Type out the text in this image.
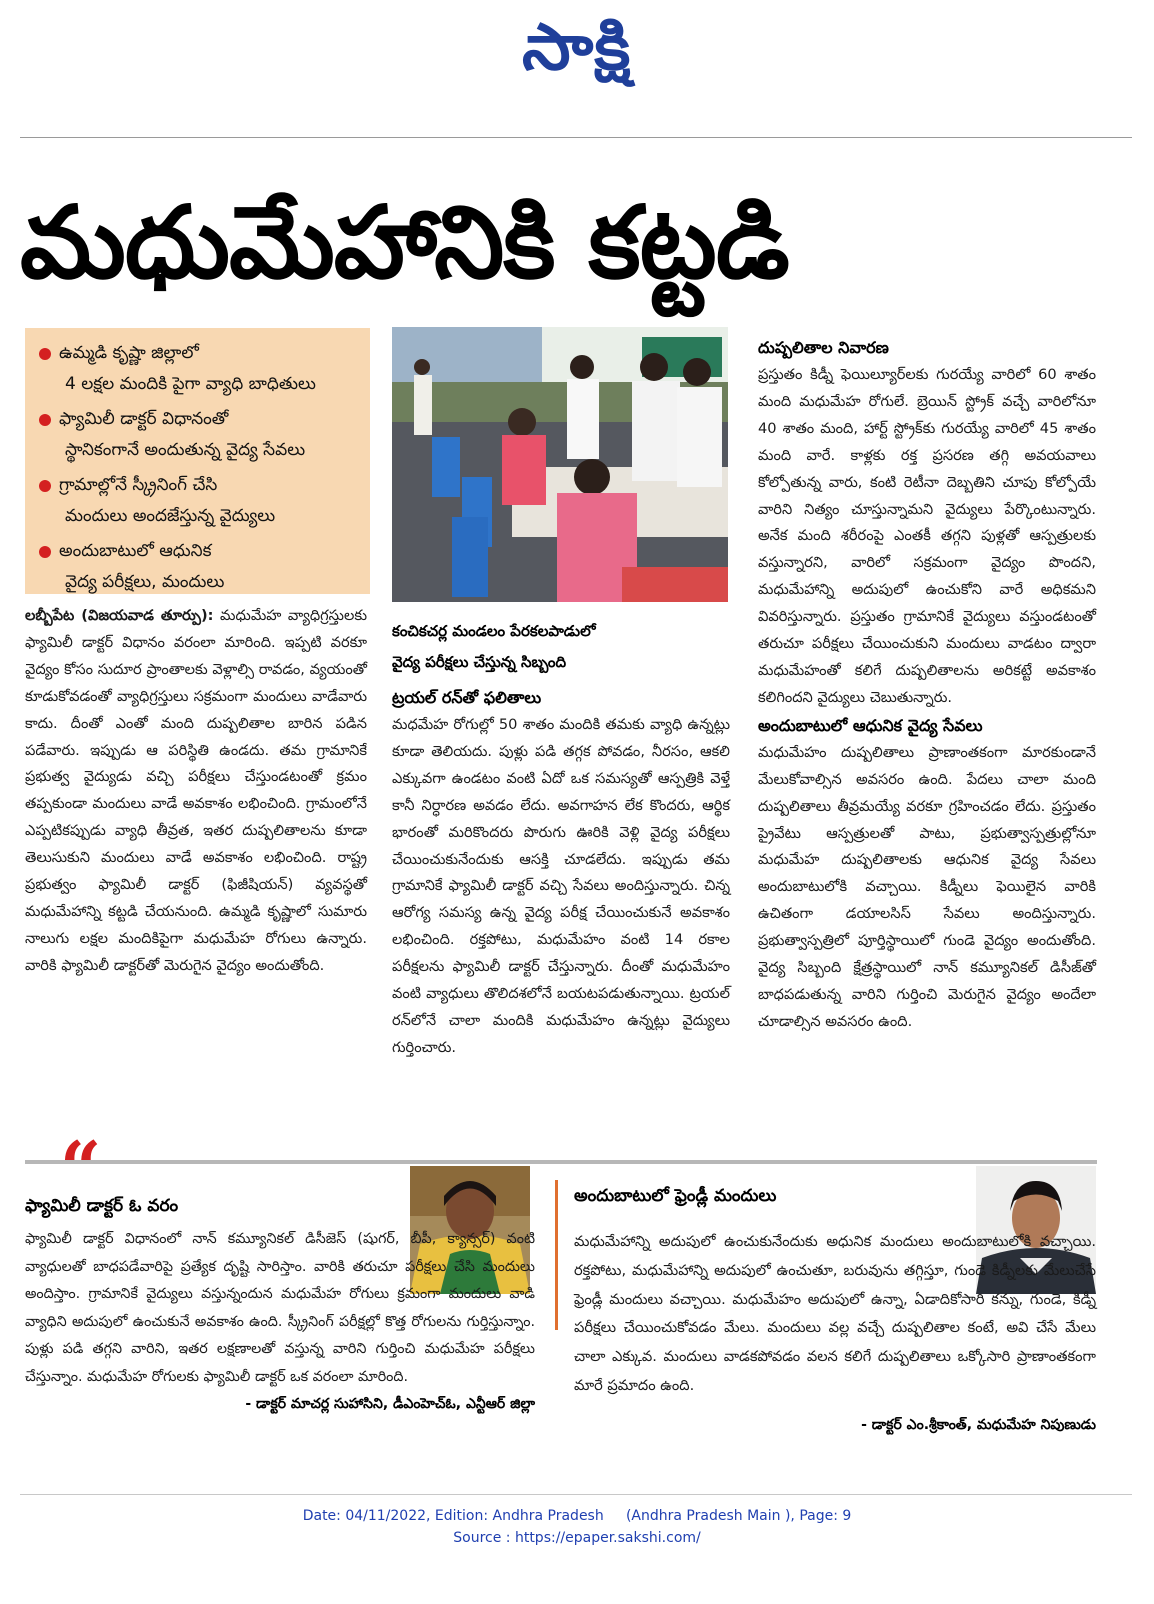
సాక్షి
మధుమేహానికి కట్టడి
ఉమ్మడి కృష్ణా జిల్లాలో
4 లక్షల మందికి పైగా వ్యాధి బాధితులు
ఫ్యామిలీ డాక్టర్ విధానంతో
స్థానికంగానే అందుతున్న వైద్య సేవలు
గ్రామాల్లోనే స్క్రీనింగ్ చేసి
మందులు అందజేస్తున్న వైద్యులు
అందుబాటులో ఆధునిక
వైద్య పరీక్షలు, మందులు

లబ్బీపేట (విజయవాడ తూర్పు): మధుమేహ వ్యాధిగ్రస్తులకు ఫ్యామిలీ డాక్టర్ విధానం వరంలా మారింది. ఇప్పటి వరకూ వైద్యం కోసం సుదూర ప్రాంతాలకు వెళ్లాల్సి రావడం, వ్యయంతో కూడుకోవడంతో వ్యాధిగ్రస్తులు సక్రమంగా మందులు వాడేవారు కాదు. దీంతో ఎంతో మంది దుష్పలితాల బారిన పడిన పడేవారు. ఇప్పుడు ఆ పరిస్థితి ఉండదు. తమ గ్రామానికే ప్రభుత్వ వైద్యుడు వచ్చి పరీక్షలు చేస్తుండటంతో క్రమం తప్పకుండా మందులు వాడే అవకాశం లభించింది. గ్రామంలోనే ఎప్పటికప్పుడు వ్యాధి తీవ్రత, ఇతర దుష్పలితాలను కూడా తెలుసుకుని మందులు వాడే అవకాశం లభించింది. రాష్ట్ర ప్రభుత్వం ఫ్యామిలీ డాక్టర్ (ఫిజీషియన్) వ్యవస్థతో మధుమేహాన్ని కట్టడి చేయనుంది. ఉమ్మడి కృష్ణాలో సుమారు నాలుగు లక్షల మందికిపైగా మధుమేహ రోగులు ఉన్నారు. వారికి ఫ్యామిలీ డాక్టర్‌తో మెరుగైన వైద్యం అందుతోంది.

కంచికచర్ల మండలం పేరకలపాడులో
వైద్య పరీక్షలు చేస్తున్న సిబ్బంది
ట్రయల్ రన్‌తో ఫలితాలు

మధమేహ రోగుల్లో 50 శాతం మందికి తమకు వ్యాధి ఉన్నట్లు కూడా తెలియదు. పుళ్లు పడి తగ్గక పోవడం, నీరసం, ఆకలి ఎక్కువగా ఉండటం వంటి ఏదో ఒక సమస్యతో ఆస్పత్రికి వెళ్తే కానీ నిర్ధారణ అవడం లేదు. అవగాహన లేక కొందరు, ఆర్థిక భారంతో మరికొందరు పొరుగు ఊరికి వెళ్లి వైద్య పరీక్షలు చేయించుకునేందుకు ఆసక్తి చూడలేదు. ఇప్పుడు తమ గ్రామానికే ఫ్యామిలీ డాక్టర్ వచ్చి సేవలు అందిస్తున్నారు. చిన్న ఆరోగ్య సమస్య ఉన్న వైద్య పరీక్ష చేయించుకునే అవకాశం లభించింది. రక్తపోటు, మధుమేహం వంటి 14 రకాల పరీక్షలను ఫ్యామిలీ డాక్టర్ చేస్తున్నారు. దీంతో మధుమేహం వంటి వ్యాధులు తొలిదశలోనే బయటపడుతున్నాయి. ట్రయల్ రన్‌లోనే చాలా మందికి మధుమేహం ఉన్నట్లు వైద్యులు గుర్తించారు.

దుష్పలితాల నివారణ

ప్రస్తుతం కిడ్నీ ఫెయిల్యూర్‌లకు గురయ్యే వారిలో 60 శాతం మంది మధుమేహ రోగులే. బ్రెయిన్ స్ట్రోక్ వచ్చే వారిలోనూ 40 శాతం మంది, హార్ట్ స్ట్రోక్‌కు గురయ్యే వారిలో 45 శాతం మంది వారే. కాళ్లకు రక్త ప్రసరణ తగ్గి అవయవాలు కోల్పోతున్న వారు, కంటి రెటీనా దెబ్బతిని చూపు కోల్పోయే వారిని నిత్యం చూస్తున్నామని వైద్యులు పేర్కొంటున్నారు. అనేక మంది శరీరంపై ఎంతకీ తగ్గని పుళ్లతో ఆస్పత్రులకు వస్తున్నారని, వారిలో సక్రమంగా వైద్యం పొందని, మధుమేహాన్ని అదుపులో ఉంచుకోని వారే అధికమని వివరిస్తున్నారు. ప్రస్తుతం గ్రామానికే వైద్యులు వస్తుండటంతో తరుచూ పరీక్షలు చేయించుకుని మందులు వాడటం ద్వారా మధుమేహంతో కలిగే దుష్పలితాలను అరికట్టే అవకాశం కలిగిందని వైద్యులు చెబుతున్నారు.

అందుబాటులో ఆధునిక వైద్య సేవలు

మధుమేహం దుష్పలితాలు ప్రాణాంతకంగా మారకుండానే మేలుకోవాల్సిన అవసరం ఉంది. పేదలు చాలా మంది దుష్పలితాలు తీవ్రమయ్యే వరకూ గ్రహించడం లేదు. ప్రస్తుతం ప్రైవేటు ఆస్పత్రులతో పాటు, ప్రభుత్వాస్పత్రుల్లోనూ మధుమేహ దుష్పలితాలకు ఆధునిక వైద్య సేవలు అందుబాటులోకి వచ్చాయి. కిడ్నీలు ఫెయిలైన వారికి ఉచితంగా డయాలసిస్ సేవలు అందిస్తున్నారు. ప్రభుత్వాస్పత్రిలో పూర్తిస్థాయిలో గుండె వైద్యం అందుతోంది. వైద్య సిబ్బంది క్షేత్రస్థాయిలో నాన్ కమ్యూనికల్ డిసీజ్‌తో బాధపడుతున్న వారిని గుర్తించి మెరుగైన వైద్యం అందేలా చూడాల్సిన అవసరం ఉంది.

“
ఫ్యామిలీ డాక్టర్ ఓ వరం
ఫ్యామిలీ డాక్టర్ విధానంలో నాన్ కమ్యూనికల్ డిసీజెస్ (షుగర్, బీపీ, క్యాన్సర్) వంటి వ్యాధులతో బాధపడేవారిపై ప్రత్యేక దృష్టి సారిస్తాం. వారికి తరుచూ పరీక్షలు చేసి మందులు అందిస్తాం. గ్రామానికే వైద్యులు వస్తున్నందున మధుమేహ రోగులు క్రమంగా మందులు వాడి వ్యాధిని అదుపులో ఉంచుకునే అవకాశం ఉంది. స్క్రీనింగ్ పరీక్షల్లో కొత్త రోగులను గుర్తిస్తున్నాం. పుళ్లు పడి తగ్గని వారిని, ఇతర లక్షణాలతో వస్తున్న వారిని గుర్తించి మధుమేహ పరీక్షలు చేస్తున్నాం. మధుమేహ రోగులకు ఫ్యామిలీ డాక్టర్ ఒక వరంలా మారింది.
- డాక్టర్ మాచర్ల సుహాసిని, డీఎంహెచ్‌ఓ, ఎన్టీఆర్ జిల్లా
అందుబాటులో ఫ్రెండ్లీ మందులు
మధుమేహాన్ని అదుపులో ఉంచుకునేందుకు అధునిక మందులు అందుబాటులోకి వచ్చాయి. రక్తపోటు, మధుమేహాన్ని అదుపులో ఉంచుతూ, బరువును తగ్గిస్తూ, గుండె కిడ్నీలకు మేలుచేసే ఫ్రెండ్లీ మందులు వచ్చాయి. మధుమేహం అదుపులో ఉన్నా, ఏడాదికోసారి కన్ను, గుండె, కిడ్నీ పరీక్షలు చేయించుకోవడం మేలు. మందులు వల్ల వచ్చే దుష్పలితాల కంటే, అవి చేసే మేలు చాలా ఎక్కువ. మందులు వాడకపోవడం వలన కలిగే దుష్పలితాలు ఒక్కోసారి ప్రాణాంతకంగా మారే ప్రమాదం ఉంది.
- డాక్టర్ ఎం.శ్రీకాంత్, మధుమేహ నిపుణుడు
Date: 04/11/2022, Edition: Andhra Pradesh     (Andhra Pradesh Main ), Page: 9
Source : https://epaper.sakshi.com/
